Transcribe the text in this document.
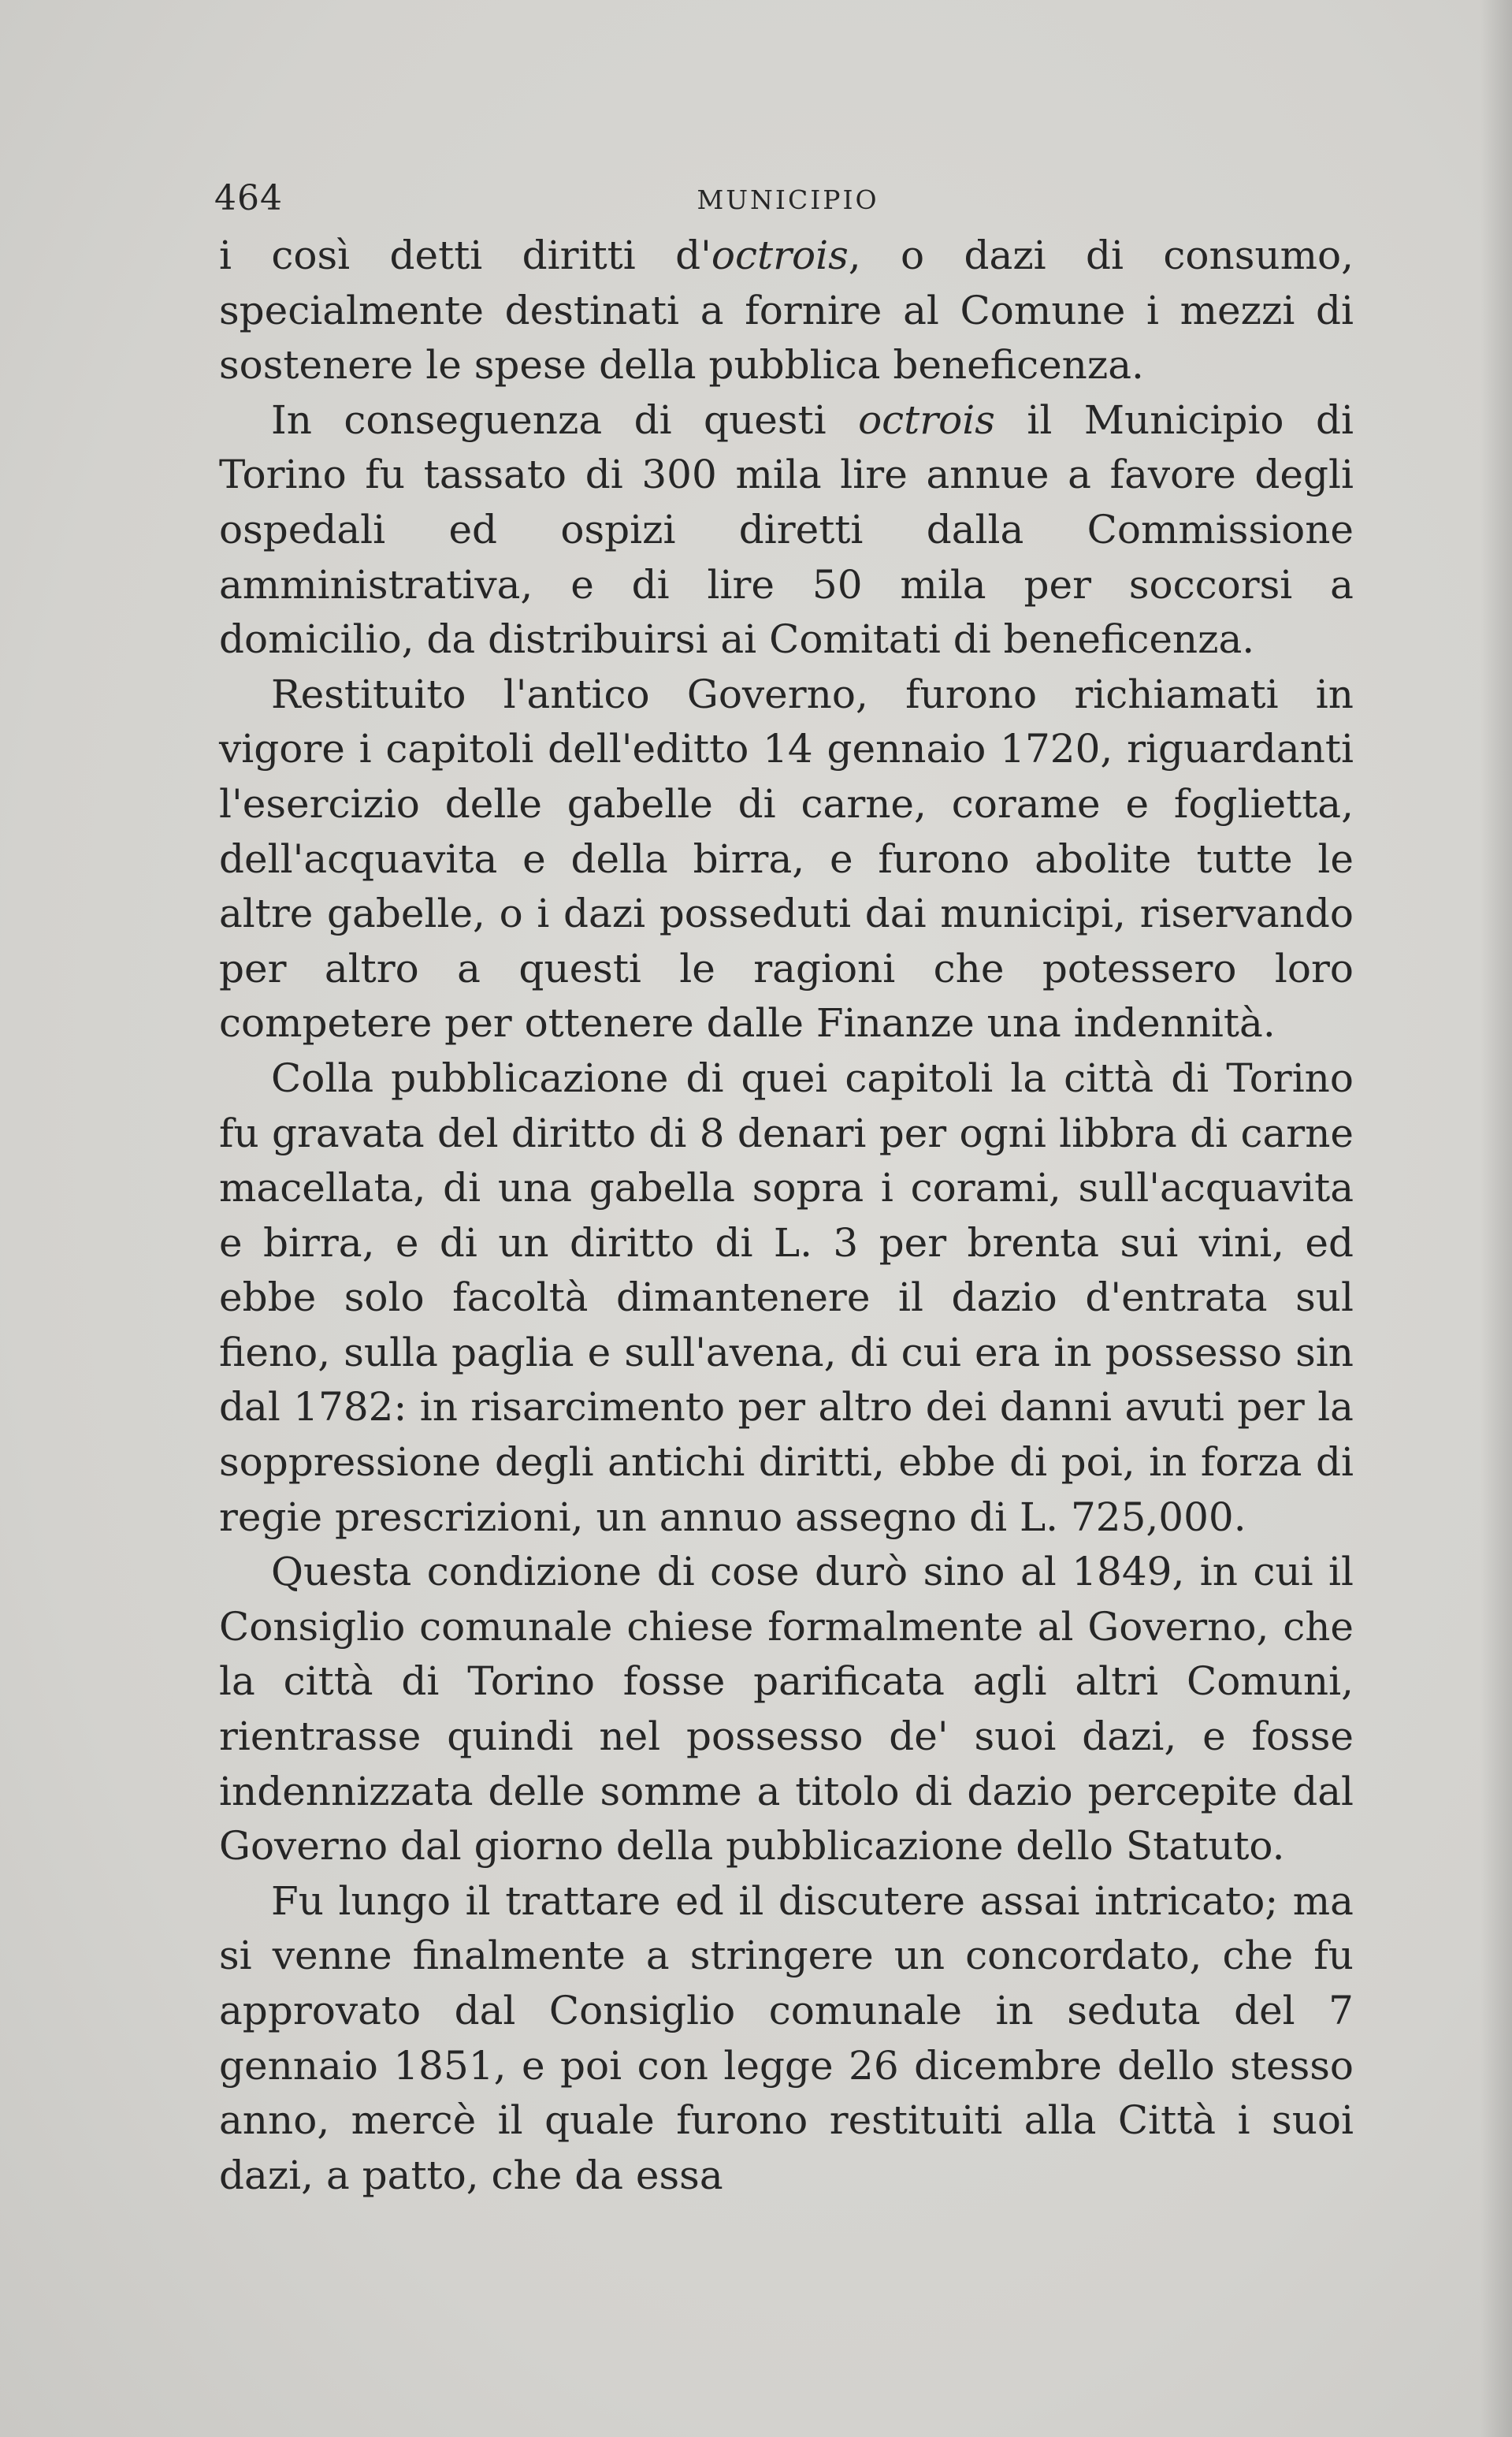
464	MUNICIPIO

i così detti diritti d'octrois, o dazi di consumo, specialmente destinati a fornire al Comune i mezzi di sostenere le spese della pubblica beneficenza.

In conseguenza di questi octrois il Municipio di Torino fu tassato di 300 mila lire annue a favore degli ospedali ed ospizi diretti dalla Commissione amministrativa, e di lire 50 mila per soccorsi a domicilio, da distribuirsi ai Comitati di beneficenza.

Restituito l'antico Governo, furono richiamati in vigore i capitoli dell'editto 14 gennaio 1720, riguardanti l'esercizio delle gabelle di carne, corame e foglietta, dell'acquavita e della birra, e furono abolite tutte le altre gabelle, o i dazi posseduti dai municipi, riservando per altro a questi le ragioni che potessero loro competere per ottenere dalle Finanze una indennità.

Colla pubblicazione di quei capitoli la città di Torino fu gravata del diritto di 8 denari per ogni libbra di carne macellata, di una gabella sopra i corami, sull'acquavita e birra, e di un diritto di L. 3 per brenta sui vini, ed ebbe solo facoltà dimantenere il dazio d'entrata sul fieno, sulla paglia e sull'avena, di cui era in possesso sin dal 1782: in risarcimento per altro dei danni avuti per la soppressione degli antichi diritti, ebbe di poi, in forza di regie prescrizioni, un annuo assegno di L. 725,000.

Questa condizione di cose durò sino al 1849, in cui il Consiglio comunale chiese formalmente al Governo, che la città di Torino fosse parificata agli altri Comuni, rientrasse quindi nel possesso de' suoi dazi, e fosse indennizzata delle somme a titolo di dazio percepite dal Governo dal giorno della pubblicazione dello Statuto.

Fu lungo il trattare ed il discutere assai intricato; ma si venne finalmente a stringere un concordato, che fu approvato dal Consiglio comunale in seduta del 7 gennaio 1851, e poi con legge 26 dicembre dello stesso anno, mercè il quale furono restituiti alla Città i suoi dazi, a patto, che da essa
